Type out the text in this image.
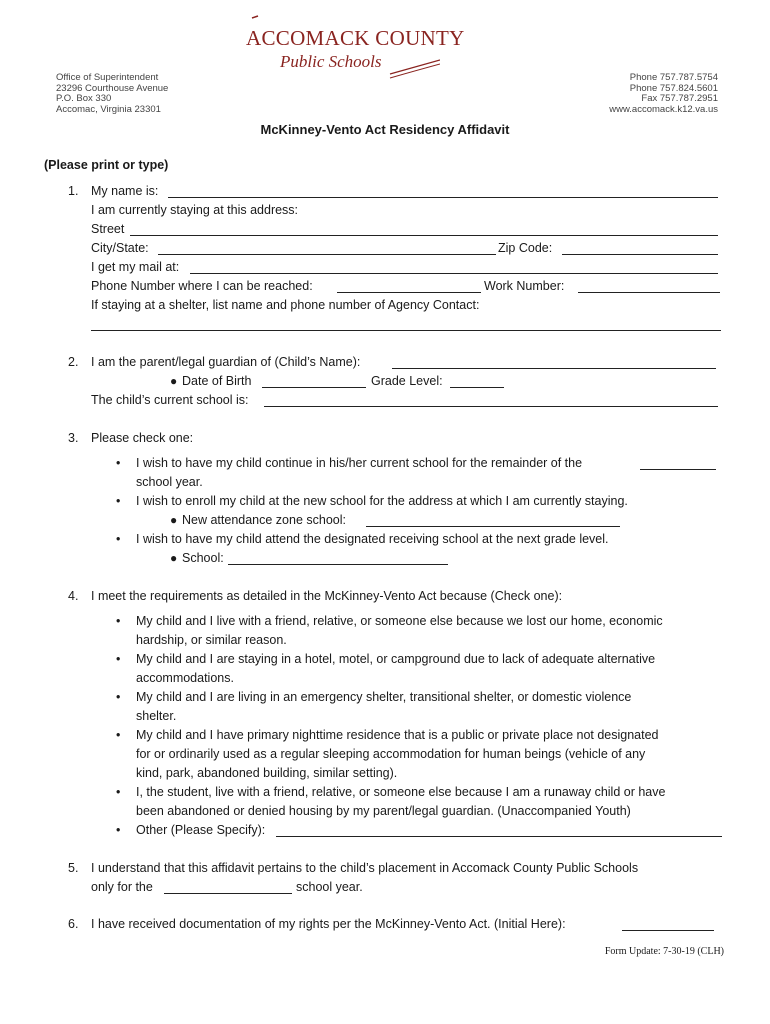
ACCOMACK COUNTY
Public Schools
Office of Superintendent
23296 Courthouse Avenue
P.O. Box 330
Accomac, Virginia 23301
Phone 757.787.5754
Phone 757.824.5601
Fax 757.787.2951
www.accomack.k12.va.us
McKinney-Vento Act Residency Affidavit
(Please print or type)
1. My name is:
I am currently staying at this address:
Street
City/State:	Zip Code:
I get my mail at:
Phone Number where I can be reached:	Work Number:
If staying at a shelter, list name and phone number of Agency Contact:
2. I am the parent/legal guardian of (Child’s Name):
● Date of Birth	Grade Level:
The child’s current school is:
3. Please check one:
• I wish to have my child continue in his/her current school for the remainder of the
school year.
• I wish to enroll my child at the new school for the address at which I am currently staying.
● New attendance zone school:
• I wish to have my child attend the designated receiving school at the next grade level.
● School:
4. I meet the requirements as detailed in the McKinney-Vento Act because (Check one):
• My child and I live with a friend, relative, or someone else because we lost our home, economic
hardship, or similar reason.
• My child and I are staying in a hotel, motel, or campground due to lack of adequate alternative
accommodations.
• My child and I are living in an emergency shelter, transitional shelter, or domestic violence
shelter.
• My child and I have primary nighttime residence that is a public or private place not designated
for or ordinarily used as a regular sleeping accommodation for human beings (vehicle of any
kind, park, abandoned building, similar setting).
• I, the student, live with a friend, relative, or someone else because I am a runaway child or have
been abandoned or denied housing by my parent/legal guardian. (Unaccompanied Youth)
• Other (Please Specify):
5. I understand that this affidavit pertains to the child’s placement in Accomack County Public Schools
only for the	school year.
6. I have received documentation of my rights per the McKinney-Vento Act. (Initial Here):
Form Update: 7-30-19 (CLH)
